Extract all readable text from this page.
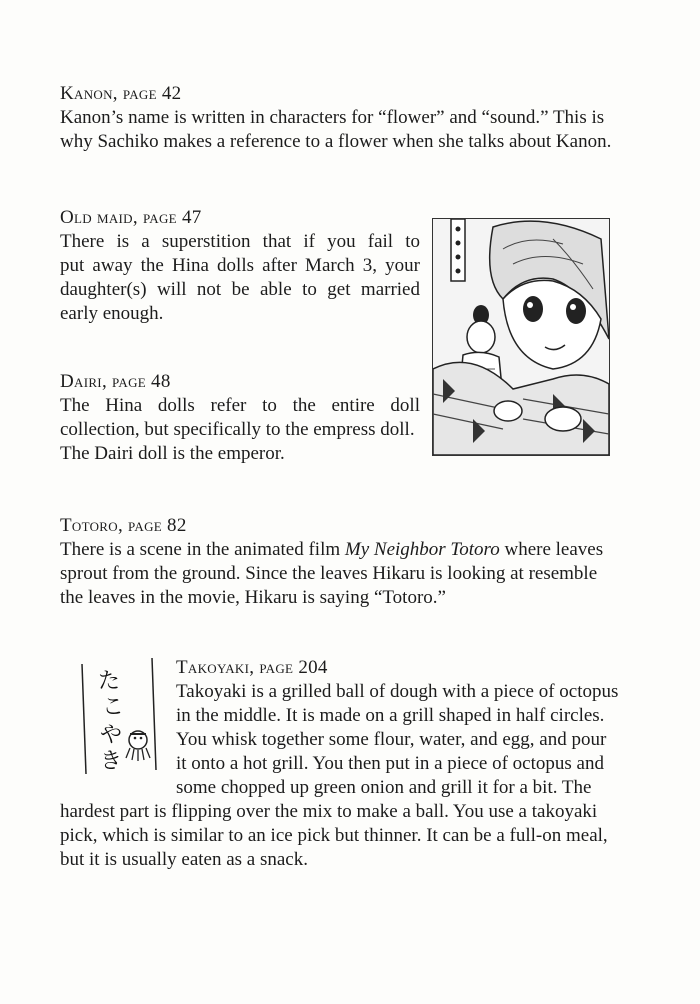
Kanon, page 42

Kanon’s name is written in characters for “flower” and “sound.” This is

why Sachiko makes a reference to a flower when she talks about Kanon.

Old maid, page 47

There is a superstition that if you fail to

put away the Hina dolls after March 3, your

daughter(s) will not be able to get married

early enough.

Dairi, page 48

The Hina dolls refer to the entire doll

collection, but specifically to the empress doll.

The Dairi doll is the emperor.

Totoro, page 82

There is a scene in the animated film My Neighbor Totoro where leaves

sprout from the ground. Since the leaves Hikaru is looking at resemble

the leaves in the movie, Hikaru is saying “Totoro.”

た
こ
や
き
Takoyaki, page 204

Takoyaki is a grilled ball of dough with a piece of octopus

in the middle. It is made on a grill shaped in half circles.

You whisk together some flour, water, and egg, and pour

it onto a hot grill. You then put in a piece of octopus and

some chopped up green onion and grill it for a bit. The

hardest part is flipping over the mix to make a ball. You use a takoyaki

pick, which is similar to an ice pick but thinner. It can be a full-on meal,

but it is usually eaten as a snack.
